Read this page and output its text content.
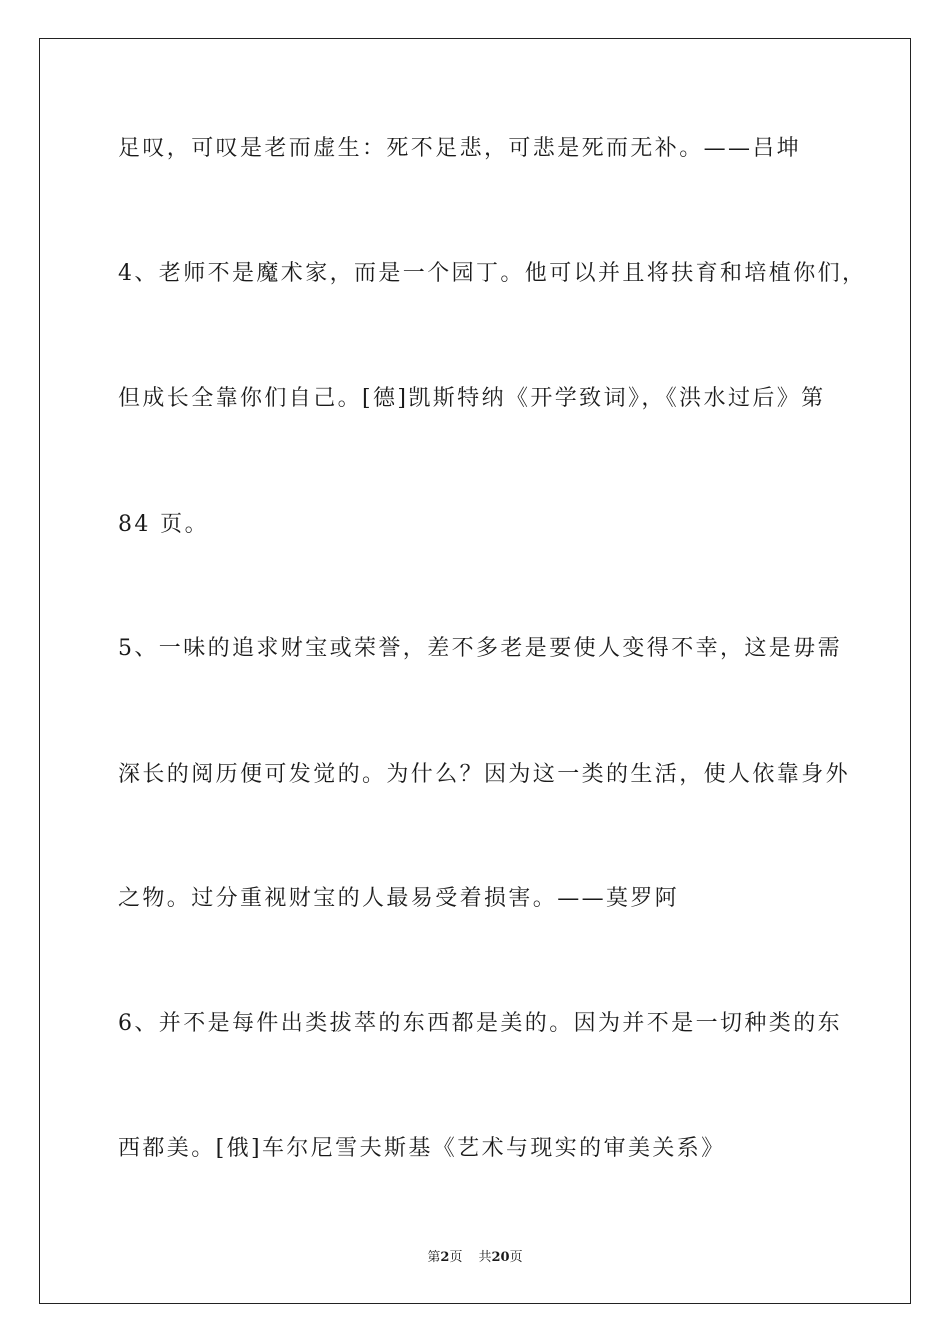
足叹，可叹是老而虚生：死不足悲，可悲是死而无补。——吕坤
4、老师不是魔术家，而是一个园丁。他可以并且将扶育和培植你们，
但成长全靠你们自己。[德]凯斯特纳《开学致词》，《洪水过后》第
84 页。
5、一味的追求财宝或荣誉，差不多老是要使人变得不幸，这是毋需
深长的阅历便可发觉的。为什么？因为这一类的生活，使人依靠身外
之物。过分重视财宝的人最易受着损害。——莫罗阿
6、并不是每件出类拔萃的东西都是美的。因为并不是一切种类的东
西都美。[俄]车尔尼雪夫斯基《艺术与现实的审美关系》
第2页 共20页
